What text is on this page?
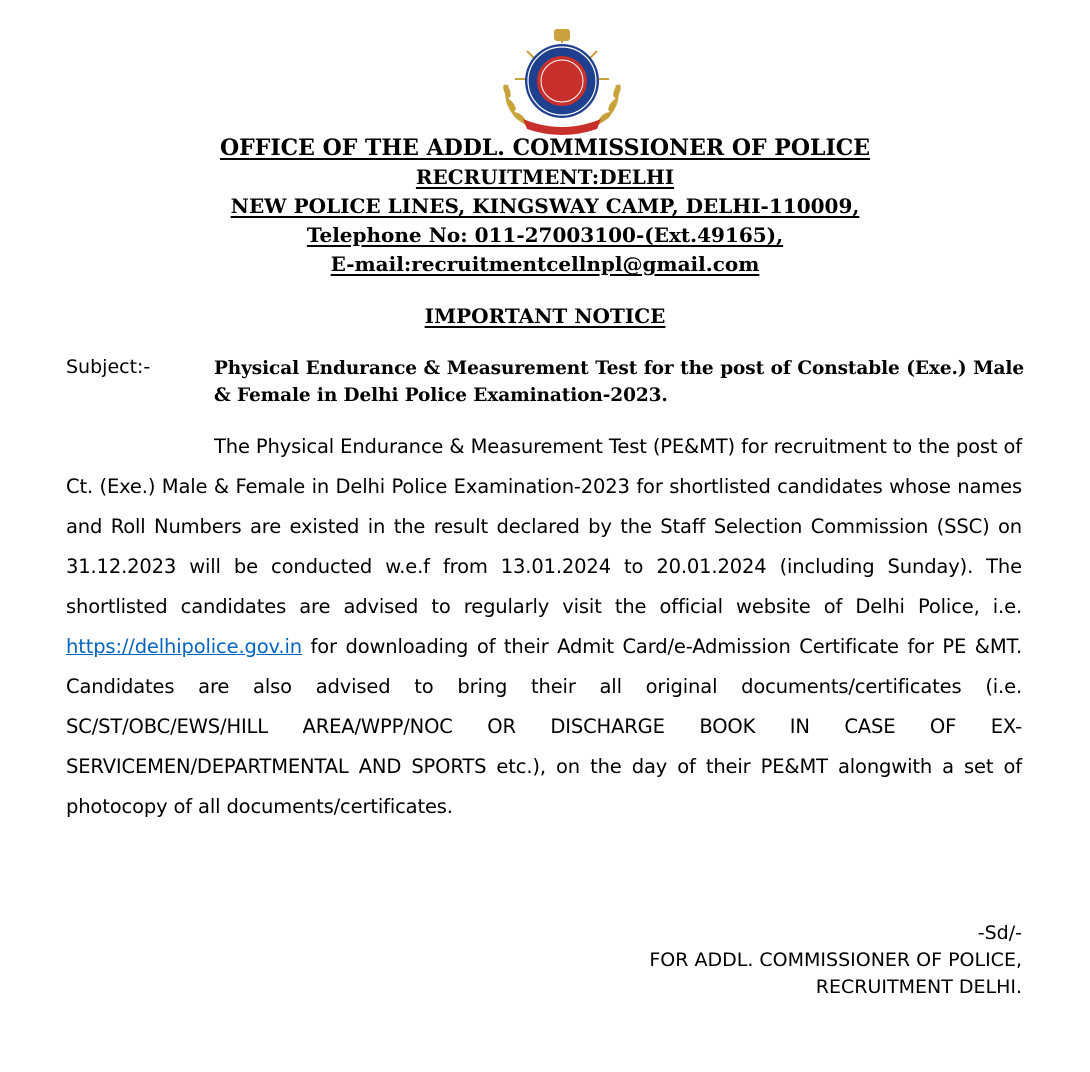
OFFICE OF THE ADDL. COMMISSIONER OF POLICE
RECRUITMENT:DELHI
NEW POLICE LINES, KINGSWAY CAMP, DELHI-110009,
Telephone No: 011-27003100-(Ext.49165),
E-mail:recruitmentcellnpl@gmail.com
IMPORTANT NOTICE
Subject:-	Physical Endurance & Measurement Test for the post of Constable (Exe.) Male & Female in Delhi Police Examination-2023.

The Physical Endurance & Measurement Test (PE&MT) for recruitment to the post of Ct. (Exe.) Male & Female in Delhi Police Examination-2023 for shortlisted candidates whose names and Roll Numbers are existed in the result declared by the Staff Selection Commission (SSC) on 31.12.2023 will be conducted w.e.f from 13.01.2024 to 20.01.2024 (including Sunday). The shortlisted candidates are advised to regularly visit the official website of Delhi Police, i.e. https://delhipolice.gov.in for downloading of their Admit Card/e-Admission Certificate for PE &MT. Candidates are also advised to bring their all original documents/certificates (i.e. SC/ST/OBC/EWS/HILL AREA/WPP/NOC OR DISCHARGE BOOK IN CASE OF EX-SERVICEMEN/DEPARTMENTAL AND SPORTS etc.), on the day of their PE&MT alongwith a set of photocopy of all documents/certificates.

-Sd/-
FOR ADDL. COMMISSIONER OF POLICE,
RECRUITMENT DELHI.
